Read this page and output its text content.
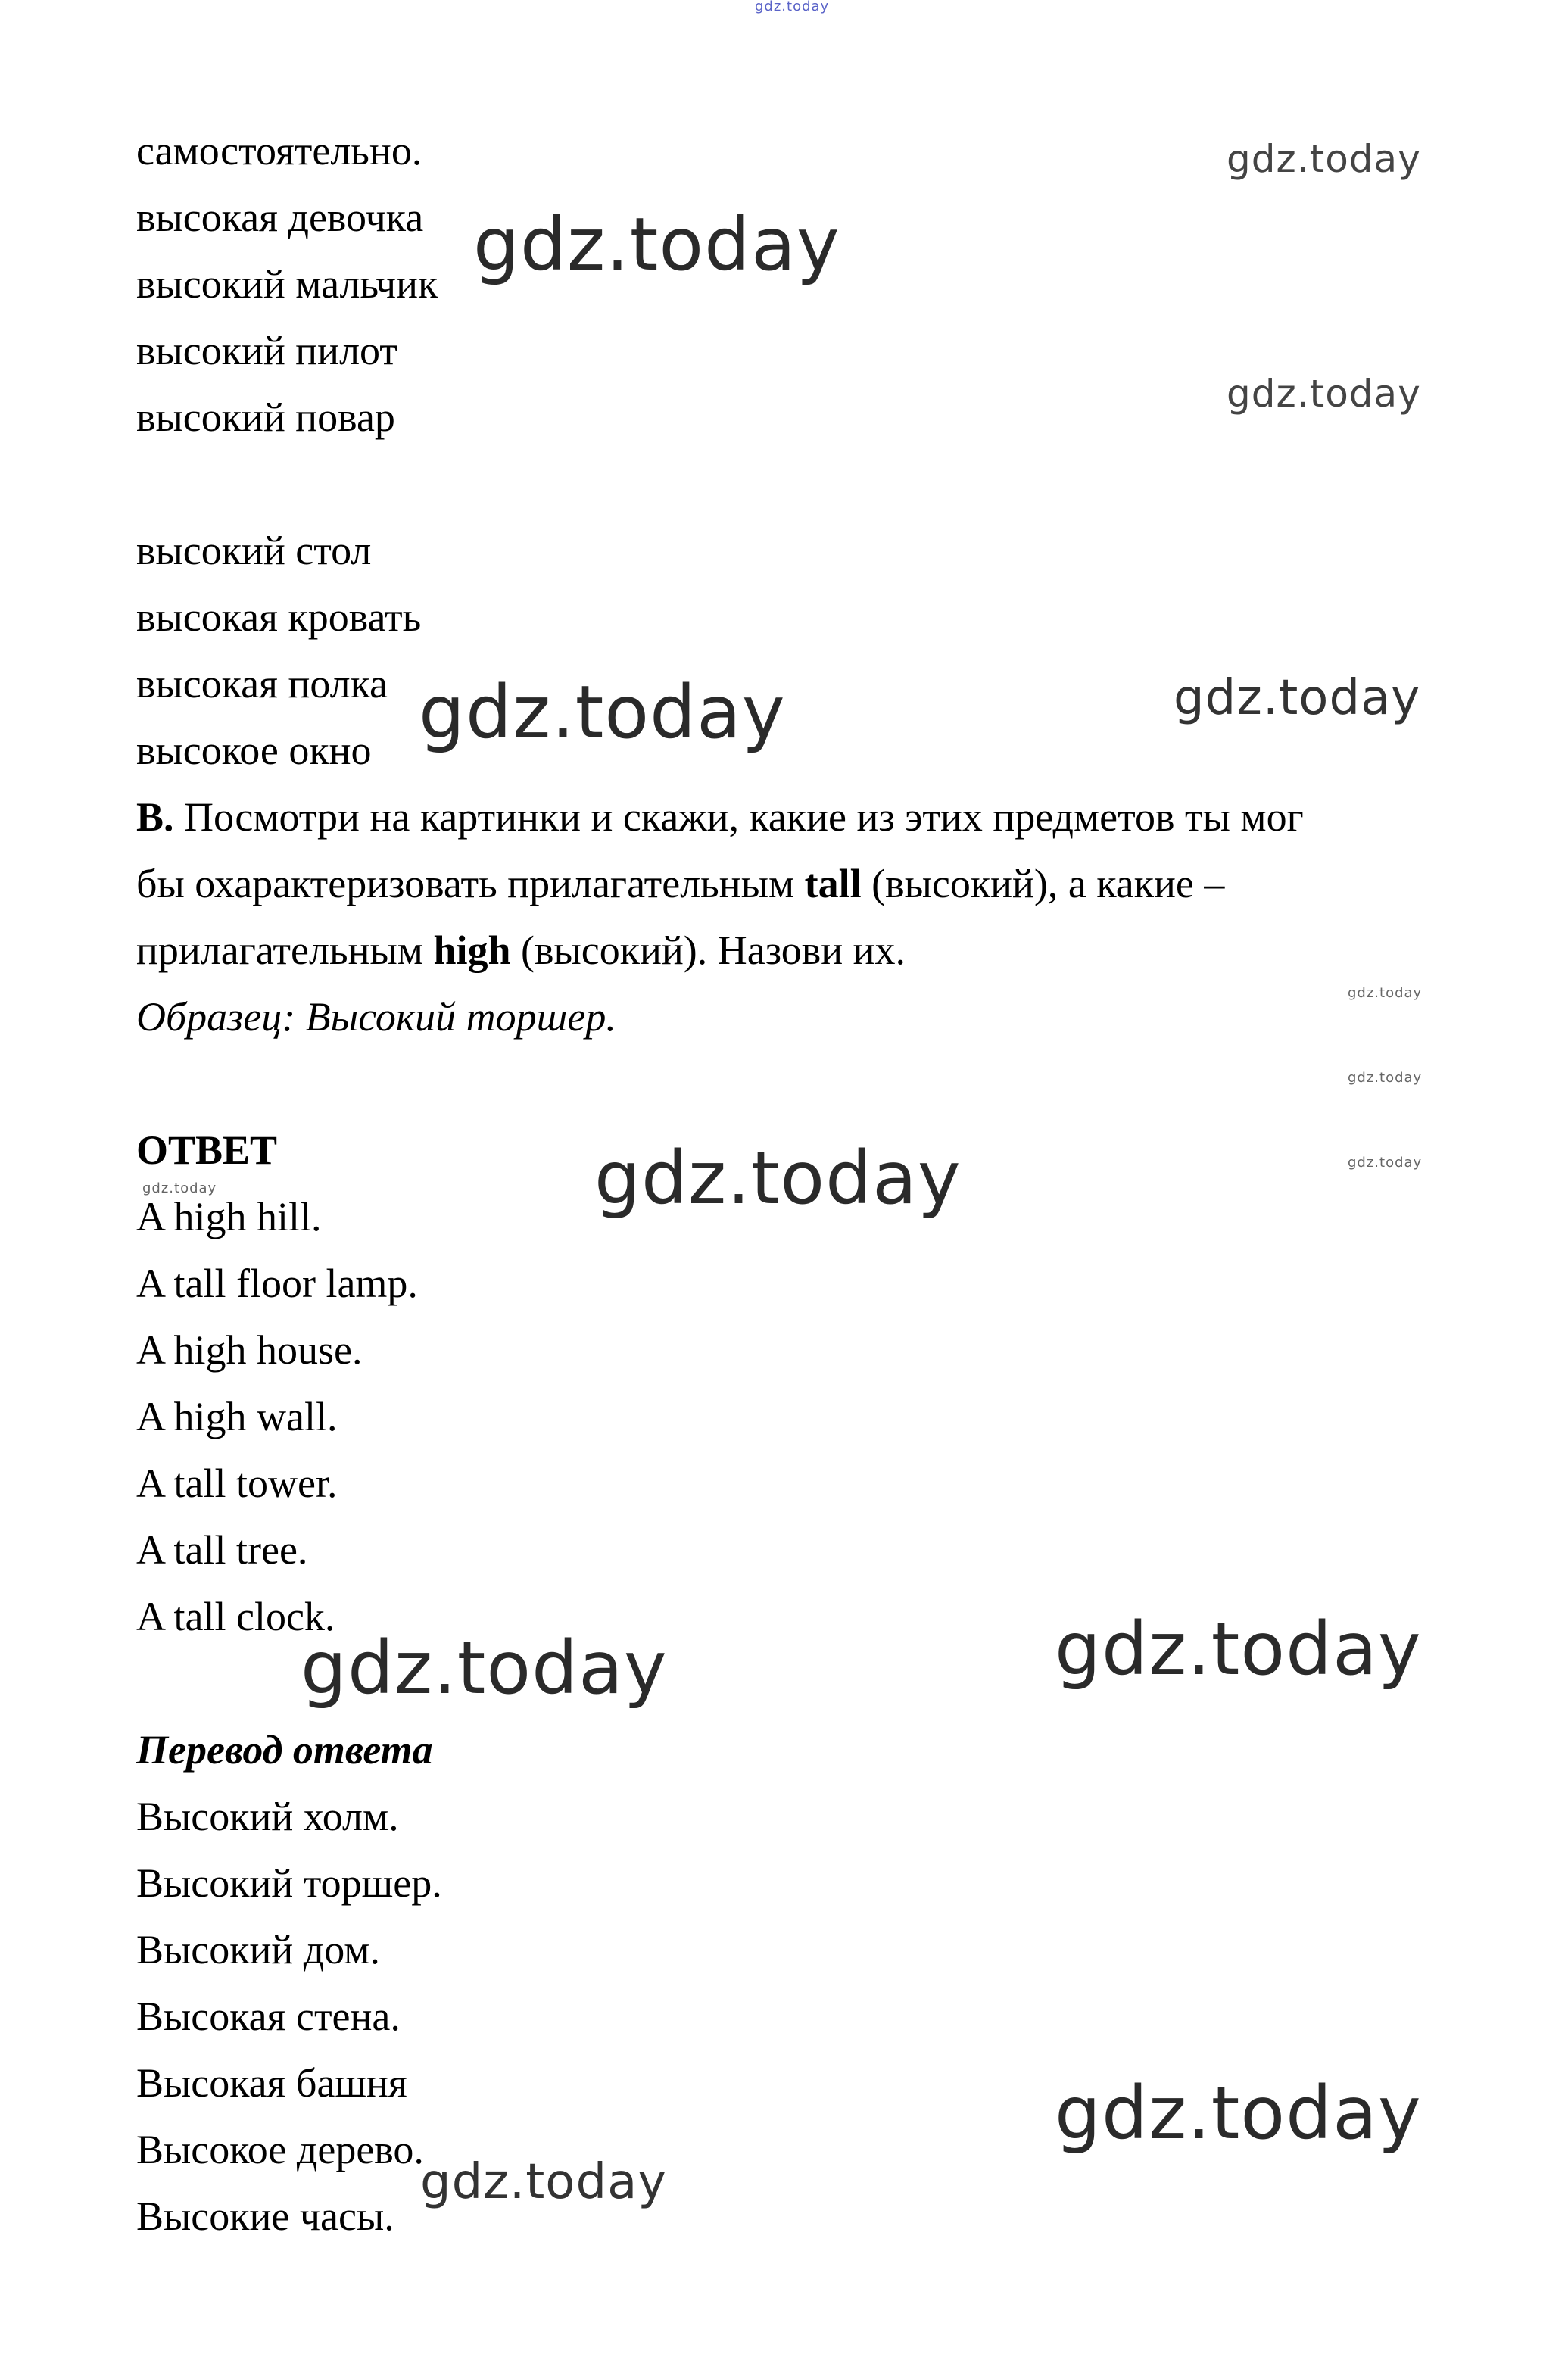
gdz.today
самостоятельно.
высокая девочка
высокий мальчик
высокий пилот
высокий повар
высокий стол
высокая кровать
высокая полка
высокое окно
B. Посмотри на картинки и скажи, какие из этих предметов ты мог
бы охарактеризовать прилагательным tall (высокий), а какие –
прилагательным high (высокий). Назови их.
Образец: Высокий торшер.
ОТВЕТ
A high hill.
A tall floor lamp.
A high house.
A high wall.
A tall tower.
A tall tree.
A tall clock.
Перевод ответа
Высокий холм.
Высокий торшер.
Высокий дом.
Высокая стена.
Высокая башня
Высокое дерево.
Высокие часы.
gdz.today
gdz.today
gdz.today
gdz.today	gdz.today
gdz.today
gdz.today
gdz.today
gdz.today
gdz.today
gdz.today	gdz.today
gdz.today
gdz.today
